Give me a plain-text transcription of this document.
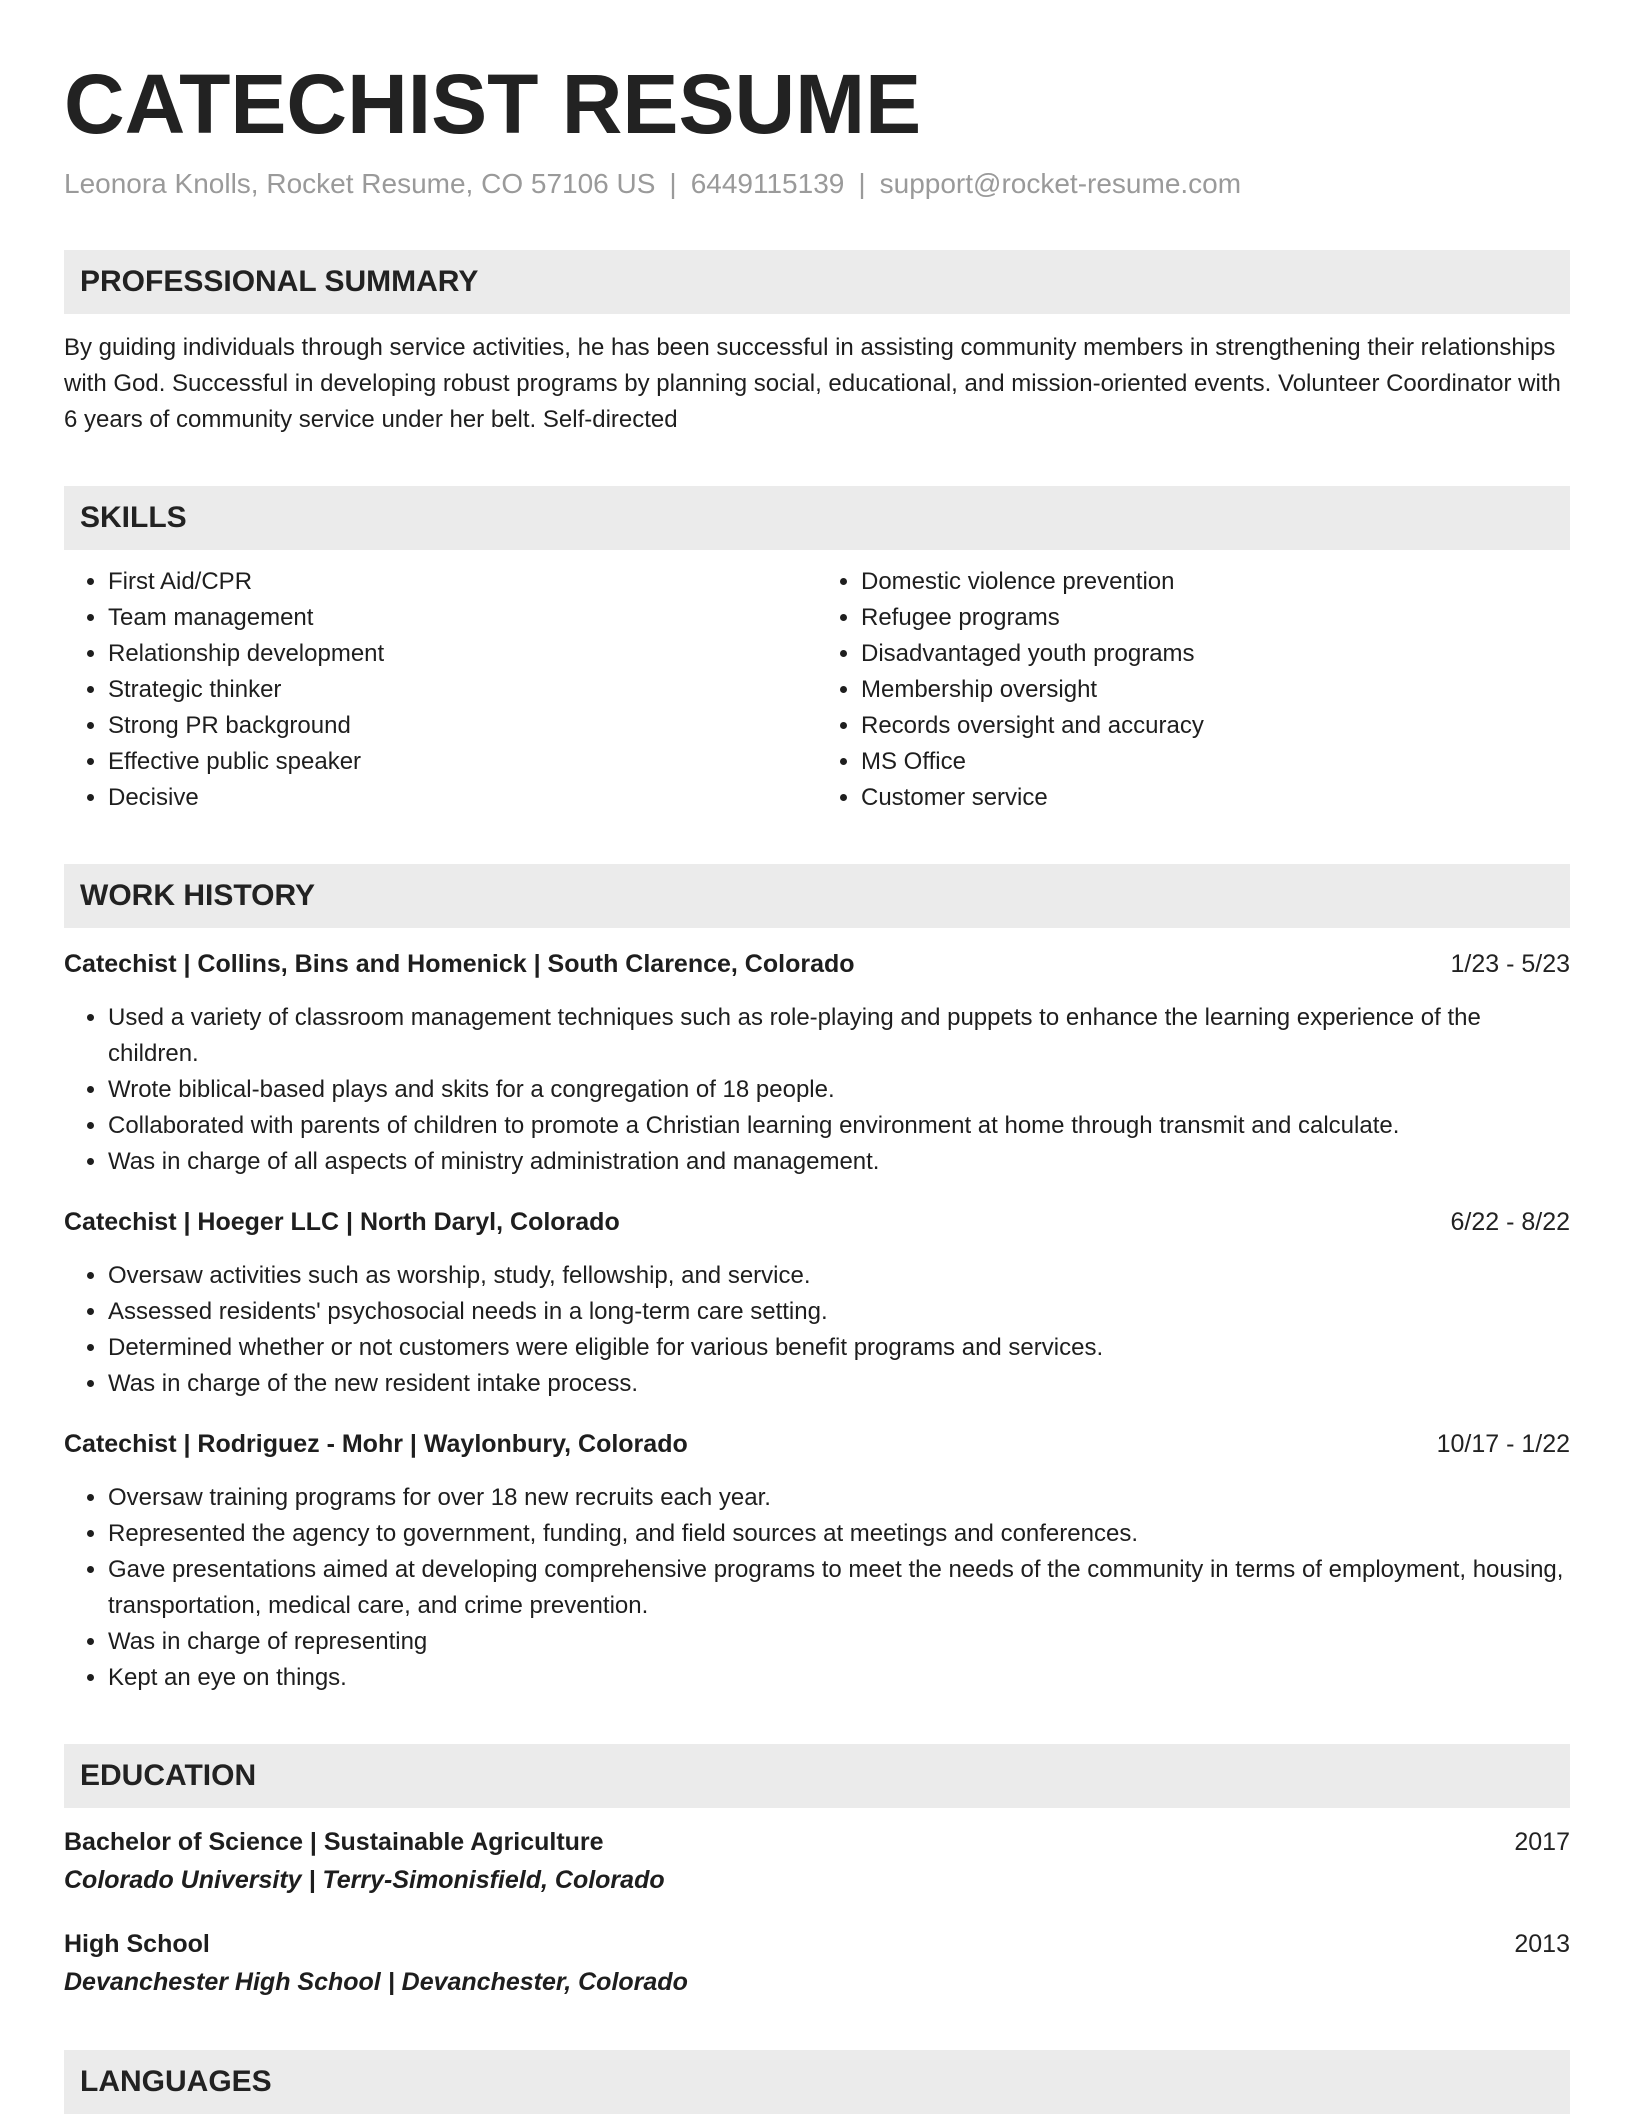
CATECHIST RESUME
Leonora Knolls, Rocket Resume, CO 57106 US | 6449115139 | support@rocket-resume.com
PROFESSIONAL SUMMARY

By guiding individuals through service activities, he has been successful in assisting community members in strengthening their relationships with God. Successful in developing robust programs by planning social, educational, and mission-oriented events. Volunteer Coordinator with 6 years of community service under her belt. Self-directed

SKILLS
• First Aid/CPR
• Team management
• Relationship development
• Strategic thinker
• Strong PR background
• Effective public speaker
• Decisive
• Domestic violence prevention
• Refugee programs
• Disadvantaged youth programs
• Membership oversight
• Records oversight and accuracy
• MS Office
• Customer service
WORK HISTORY
Catechist | Collins, Bins and Homenick | South Clarence, Colorado	1/23 - 5/23
• Used a variety of classroom management techniques such as role-playing and puppets to enhance the learning experience of the children.
• Wrote biblical-based plays and skits for a congregation of 18 people.
• Collaborated with parents of children to promote a Christian learning environment at home through transmit and calculate.
• Was in charge of all aspects of ministry administration and management.
Catechist | Hoeger LLC | North Daryl, Colorado	6/22 - 8/22
• Oversaw activities such as worship, study, fellowship, and service.
• Assessed residents' psychosocial needs in a long-term care setting.
• Determined whether or not customers were eligible for various benefit programs and services.
• Was in charge of the new resident intake process.
Catechist | Rodriguez - Mohr | Waylonbury, Colorado	10/17 - 1/22
• Oversaw training programs for over 18 new recruits each year.
• Represented the agency to government, funding, and field sources at meetings and conferences.
• Gave presentations aimed at developing comprehensive programs to meet the needs of the community in terms of employment, housing, transportation, medical care, and crime prevention.
• Was in charge of representing
• Kept an eye on things.
EDUCATION
Bachelor of Science | Sustainable Agriculture	2017
Colorado University | Terry-Simonisfield, Colorado
High School	2013
Devanchester High School | Devanchester, Colorado
LANGUAGES
